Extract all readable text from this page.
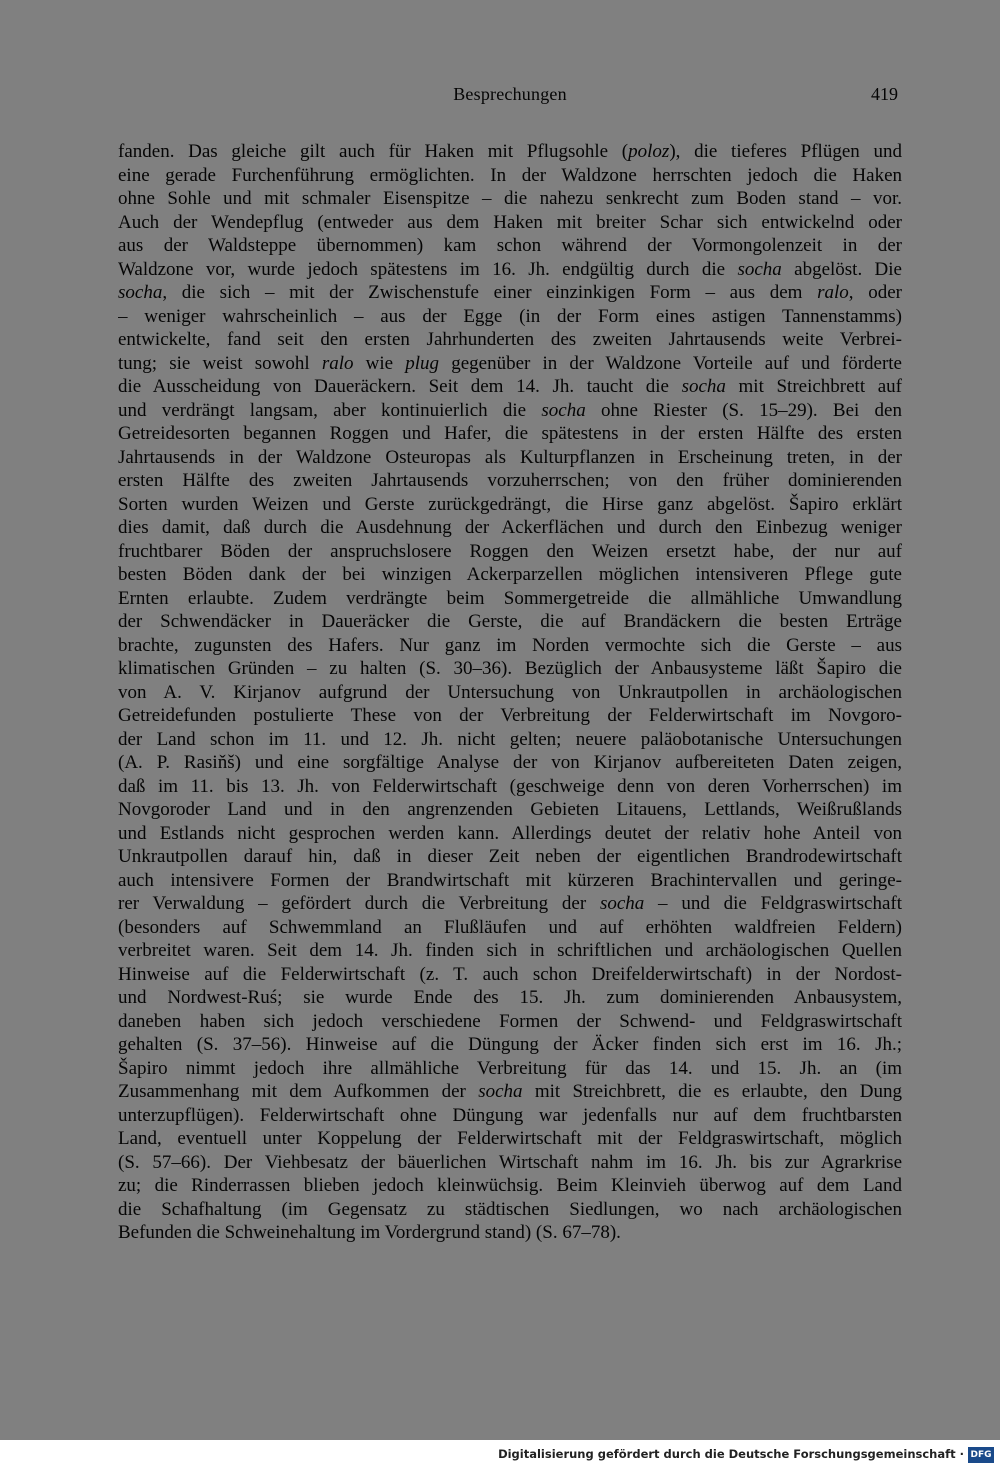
Besprechungen	419
fanden. Das gleiche gilt auch für Haken mit Pflugsohle (poloz), die tieferes Pflügen und
eine gerade Furchenführung ermöglichten. In der Waldzone herrschten jedoch die Haken
ohne Sohle und mit schmaler Eisenspitze – die nahezu senkrecht zum Boden stand – vor.
Auch der Wendepflug (entweder aus dem Haken mit breiter Schar sich entwickelnd oder
aus der Waldsteppe übernommen) kam schon während der Vormongolenzeit in der
Waldzone vor, wurde jedoch spätestens im 16. Jh. endgültig durch die socha abgelöst. Die
socha, die sich – mit der Zwischenstufe einer einzinkigen Form – aus dem ralo, oder
– weniger wahrscheinlich – aus der Egge (in der Form eines astigen Tannenstamms)
entwickelte, fand seit den ersten Jahrhunderten des zweiten Jahrtausends weite Verbrei-
tung; sie weist sowohl ralo wie plug gegenüber in der Waldzone Vorteile auf und förderte
die Ausscheidung von Daueräckern. Seit dem 14. Jh. taucht die socha mit Streichbrett auf
und verdrängt langsam, aber kontinuierlich die socha ohne Riester (S. 15–29). Bei den
Getreidesorten begannen Roggen und Hafer, die spätestens in der ersten Hälfte des ersten
Jahrtausends in der Waldzone Osteuropas als Kulturpflanzen in Erscheinung treten, in der
ersten Hälfte des zweiten Jahrtausends vorzuherrschen; von den früher dominierenden
Sorten wurden Weizen und Gerste zurückgedrängt, die Hirse ganz abgelöst. Šapiro erklärt
dies damit, daß durch die Ausdehnung der Ackerflächen und durch den Einbezug weniger
fruchtbarer Böden der anspruchslosere Roggen den Weizen ersetzt habe, der nur auf
besten Böden dank der bei winzigen Ackerparzellen möglichen intensiveren Pflege gute
Ernten erlaubte. Zudem verdrängte beim Sommergetreide die allmähliche Umwandlung
der Schwendäcker in Daueräcker die Gerste, die auf Brandäckern die besten Erträge
brachte, zugunsten des Hafers. Nur ganz im Norden vermochte sich die Gerste – aus
klimatischen Gründen – zu halten (S. 30–36). Bezüglich der Anbausysteme läßt Šapiro die
von A. V. Kirjanov aufgrund der Untersuchung von Unkrautpollen in archäologischen
Getreidefunden postulierte These von der Verbreitung der Felderwirtschaft im Novgoro-
der Land schon im 11. und 12. Jh. nicht gelten; neuere paläobotanische Untersuchungen
(A. P. Rasiňš) und eine sorgfältige Analyse der von Kirjanov aufbereiteten Daten zeigen,
daß im 11. bis 13. Jh. von Felderwirtschaft (geschweige denn von deren Vorherrschen) im
Novgoroder Land und in den angrenzenden Gebieten Litauens, Lettlands, Weißrußlands
und Estlands nicht gesprochen werden kann. Allerdings deutet der relativ hohe Anteil von
Unkrautpollen darauf hin, daß in dieser Zeit neben der eigentlichen Brandrodewirtschaft
auch intensivere Formen der Brandwirtschaft mit kürzeren Brachintervallen und geringe-
rer Verwaldung – gefördert durch die Verbreitung der socha – und die Feldgraswirtschaft
(besonders auf Schwemmland an Flußläufen und auf erhöhten waldfreien Feldern)
verbreitet waren. Seit dem 14. Jh. finden sich in schriftlichen und archäologischen Quellen
Hinweise auf die Felderwirtschaft (z. T. auch schon Dreifelderwirtschaft) in der Nordost-
und Nordwest-Ruś; sie wurde Ende des 15. Jh. zum dominierenden Anbausystem,
daneben haben sich jedoch verschiedene Formen der Schwend- und Feldgraswirtschaft
gehalten (S. 37–56). Hinweise auf die Düngung der Äcker finden sich erst im 16. Jh.;
Šapiro nimmt jedoch ihre allmähliche Verbreitung für das 14. und 15. Jh. an (im
Zusammenhang mit dem Aufkommen der socha mit Streichbrett, die es erlaubte, den Dung
unterzupflügen). Felderwirtschaft ohne Düngung war jedenfalls nur auf dem fruchtbarsten
Land, eventuell unter Koppelung der Felderwirtschaft mit der Feldgraswirtschaft, möglich
(S. 57–66). Der Viehbesatz der bäuerlichen Wirtschaft nahm im 16. Jh. bis zur Agrarkrise
zu; die Rinderrassen blieben jedoch kleinwüchsig. Beim Kleinvieh überwog auf dem Land
die Schafhaltung (im Gegensatz zu städtischen Siedlungen, wo nach archäologischen
Befunden die Schweinehaltung im Vordergrund stand) (S. 67–78).
Digitalisierung gefördert durch die Deutsche Forschungsgemeinschaft · DFG
